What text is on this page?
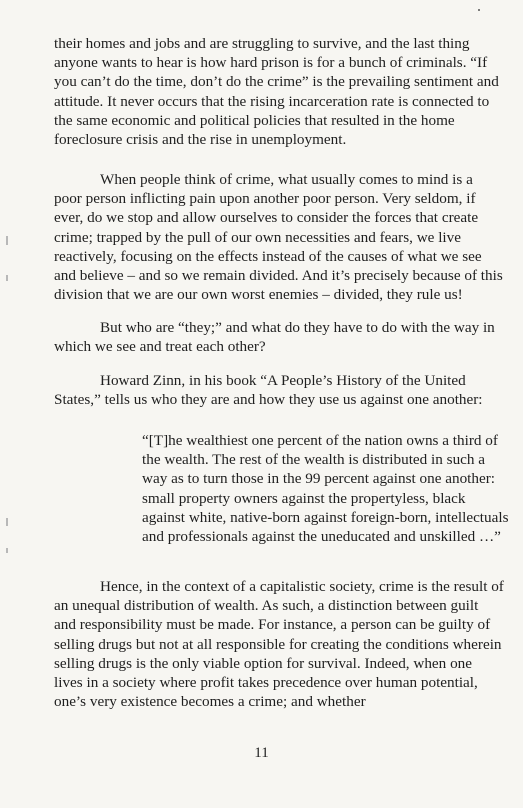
their homes and jobs and are struggling to survive, and the last thing anyone wants to hear is how hard prison is for a bunch of criminals. “If you can’t do the time, don’t do the crime” is the prevailing sentiment and attitude. It never occurs that the rising incarceration rate is connected to the same economic and political policies that resulted in the home foreclosure crisis and the rise in unemployment.

When people think of crime, what usually comes to mind is a poor person inflicting pain upon another poor person. Very seldom, if ever, do we stop and allow ourselves to consider the forces that create crime; trapped by the pull of our own necessities and fears, we live reactively, focusing on the effects instead of the causes of what we see and believe – and so we remain divided. And it’s precisely because of this division that we are our own worst enemies – divided, they rule us!

But who are “they;” and what do they have to do with the way in which we see and treat each other?

Howard Zinn, in his book “A People’s History of the United States,” tells us who they are and how they use us against one another:

“[T]he wealthiest one percent of the nation owns a third of the wealth. The rest of the wealth is distributed in such a way as to turn those in the 99 percent against one another: small property owners against the propertyless, black against white, native-born against foreign-born, intellectuals and professionals against the uneducated and unskilled …”

Hence, in the context of a capitalistic society, crime is the result of an unequal distribution of wealth. As such, a distinction between guilt and responsibility must be made. For instance, a person can be guilty of selling drugs but not at all responsible for creating the conditions wherein selling drugs is the only viable option for survival. Indeed, when one lives in a society where profit takes precedence over human potential, one’s very existence becomes a crime; and whether

11
